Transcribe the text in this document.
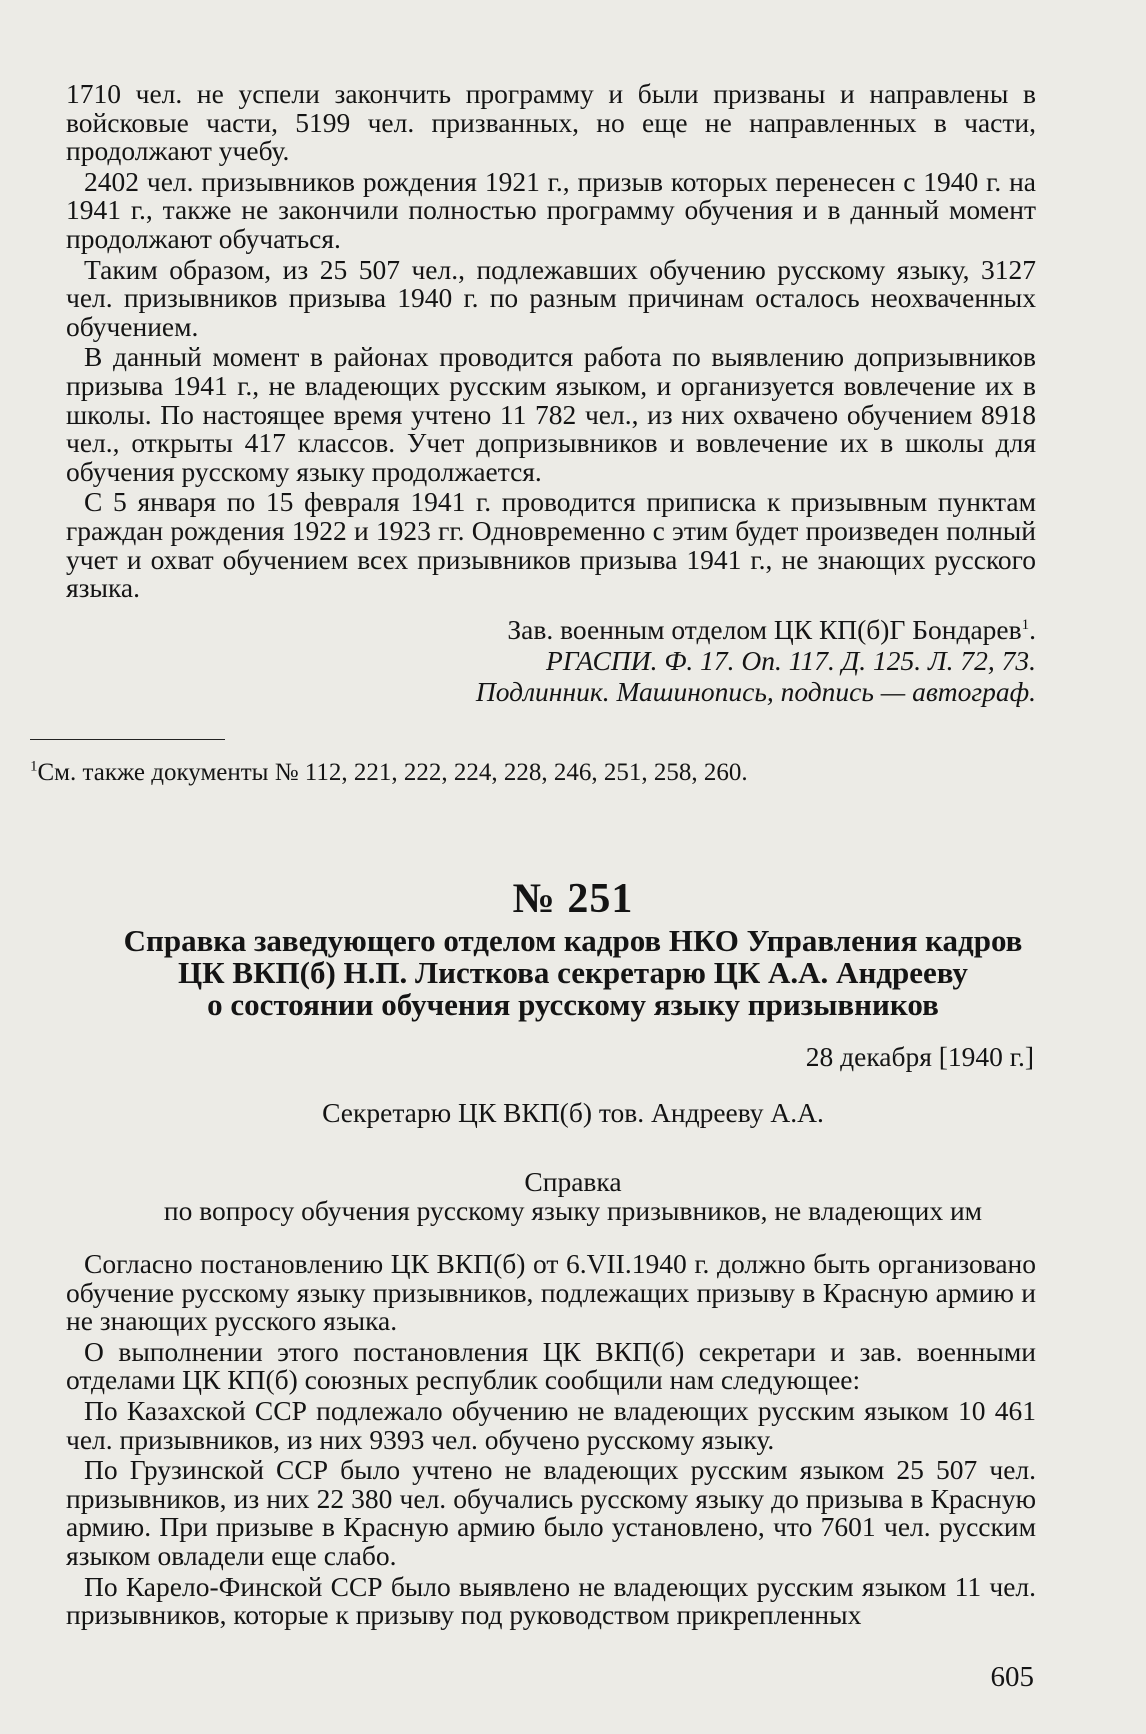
1710 чел. не успели закончить программу и были призваны и направлены в войсковые части, 5199 чел. призванных, но еще не направленных в части, продолжают учебу.

2402 чел. призывников рождения 1921 г., призыв которых перенесен с 1940 г. на 1941 г., также не закончили полностью программу обучения и в данный момент продолжают обучаться.

Таким образом, из 25 507 чел., подлежавших обучению русскому языку, 3127 чел. призывников призыва 1940 г. по разным причинам осталось неохваченных обучением.

В данный момент в районах проводится работа по выявлению допризывников призыва 1941 г., не владеющих русским языком, и организуется вовлечение их в школы. По настоящее время учтено 11 782 чел., из них охвачено обучением 8918 чел., открыты 417 классов. Учет допризывников и вовлечение их в школы для обучения русскому языку продолжается.

С 5 января по 15 февраля 1941 г. проводится приписка к призывным пунктам граждан рождения 1922 и 1923 гг. Одновременно с этим будет произведен полный учет и охват обучением всех призывников призыва 1941 г., не знающих русского языка.

Зав. военным отделом ЦК КП(б)Г Бондарев$^1$.
РГАСПИ. Ф. 17. Оп. 117. Д. 125. Л. 72, 73.
Подлинник. Машинопись, подпись — автограф.
$^1$См. также документы № 112, 221, 222, 224, 228, 246, 251, 258, 260.
№ 251
Справка заведующего отделом кадров НКО Управления кадров
ЦК ВКП(б) Н.П. Листкова секретарю ЦК А.А. Андрееву
о состоянии обучения русскому языку призывников
28 декабря [1940 г.]
Секретарю ЦК ВКП(б) тов. Андрееву А.А.
Справка
по вопросу обучения русскому языку призывников, не владеющих им

Согласно постановлению ЦК ВКП(б) от 6.VII.1940 г. должно быть организовано обучение русскому языку призывников, подлежащих призыву в Красную армию и не знающих русского языка.

О выполнении этого постановления ЦК ВКП(б) секретари и зав. военными отделами ЦК КП(б) союзных республик сообщили нам следующее:

По Казахской ССР подлежало обучению не владеющих русским языком 10 461 чел. призывников, из них 9393 чел. обучено русскому языку.

По Грузинской ССР было учтено не владеющих русским языком 25 507 чел. призывников, из них 22 380 чел. обучались русскому языку до призыва в Красную армию. При призыве в Красную армию было установлено, что 7601 чел. русским языком овладели еще слабо.

По Карело-Финской ССР было выявлено не владеющих русским языком 11 чел. призывников, которые к призыву под руководством прикрепленных

605
